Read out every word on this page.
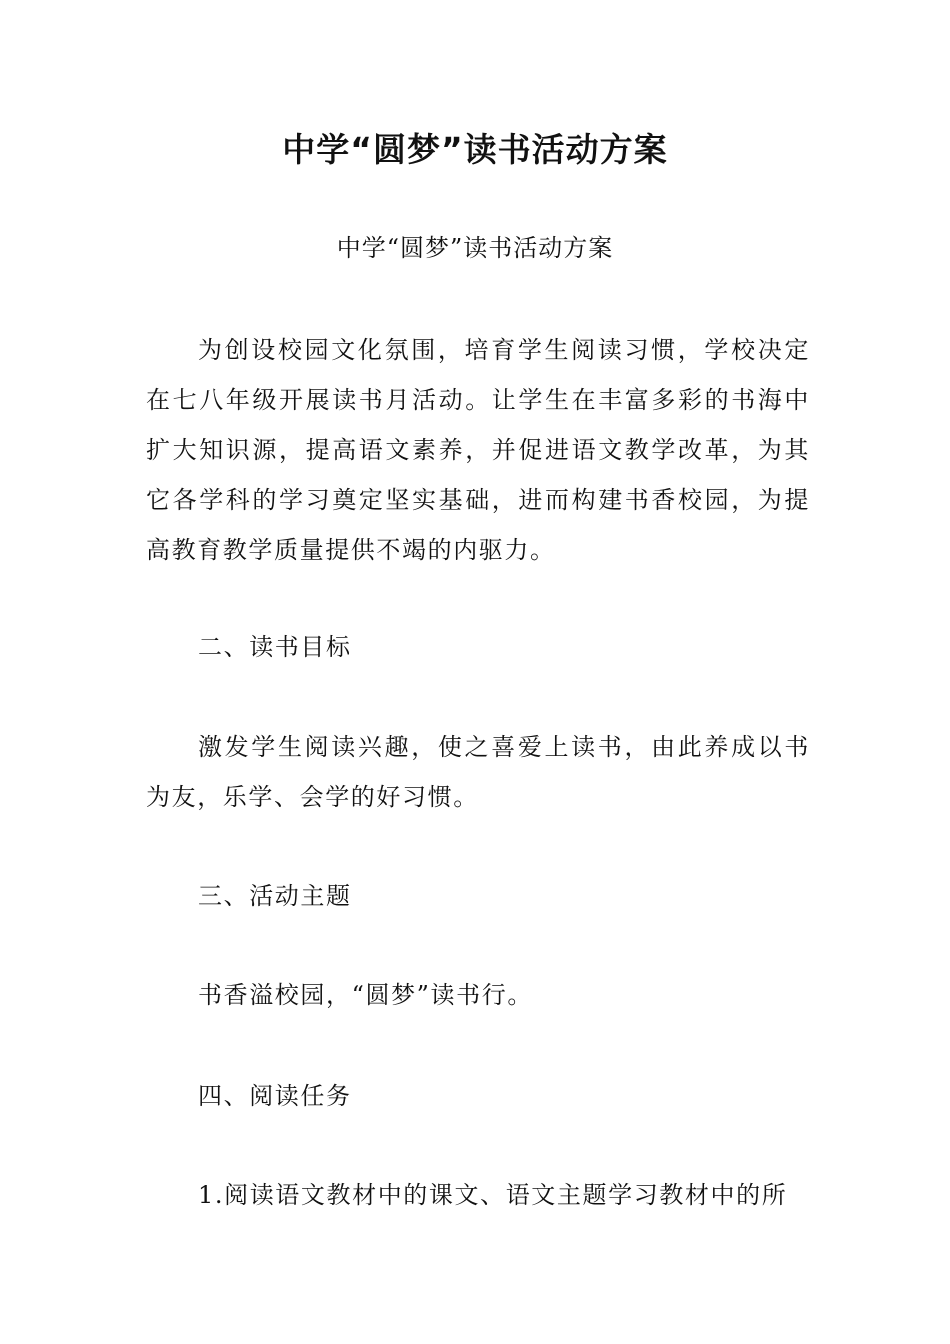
中学“圆梦”读书活动方案

中学“圆梦”读书活动方案

为创设校园文化氛围，培育学生阅读习惯，学校决定在七八年级开展读书月活动。让学生在丰富多彩的书海中扩大知识源，提高语文素养，并促进语文教学改革，为其它各学科的学习奠定坚实基础，进而构建书香校园，为提高教育教学质量提供不竭的内驱力。

二、读书目标

激发学生阅读兴趣，使之喜爱上读书，由此养成以书为友，乐学、会学的好习惯。

三、活动主题

书香溢校园，“圆梦”读书行。

四、阅读任务

1.阅读语文教材中的课文、语文主题学习教材中的所
